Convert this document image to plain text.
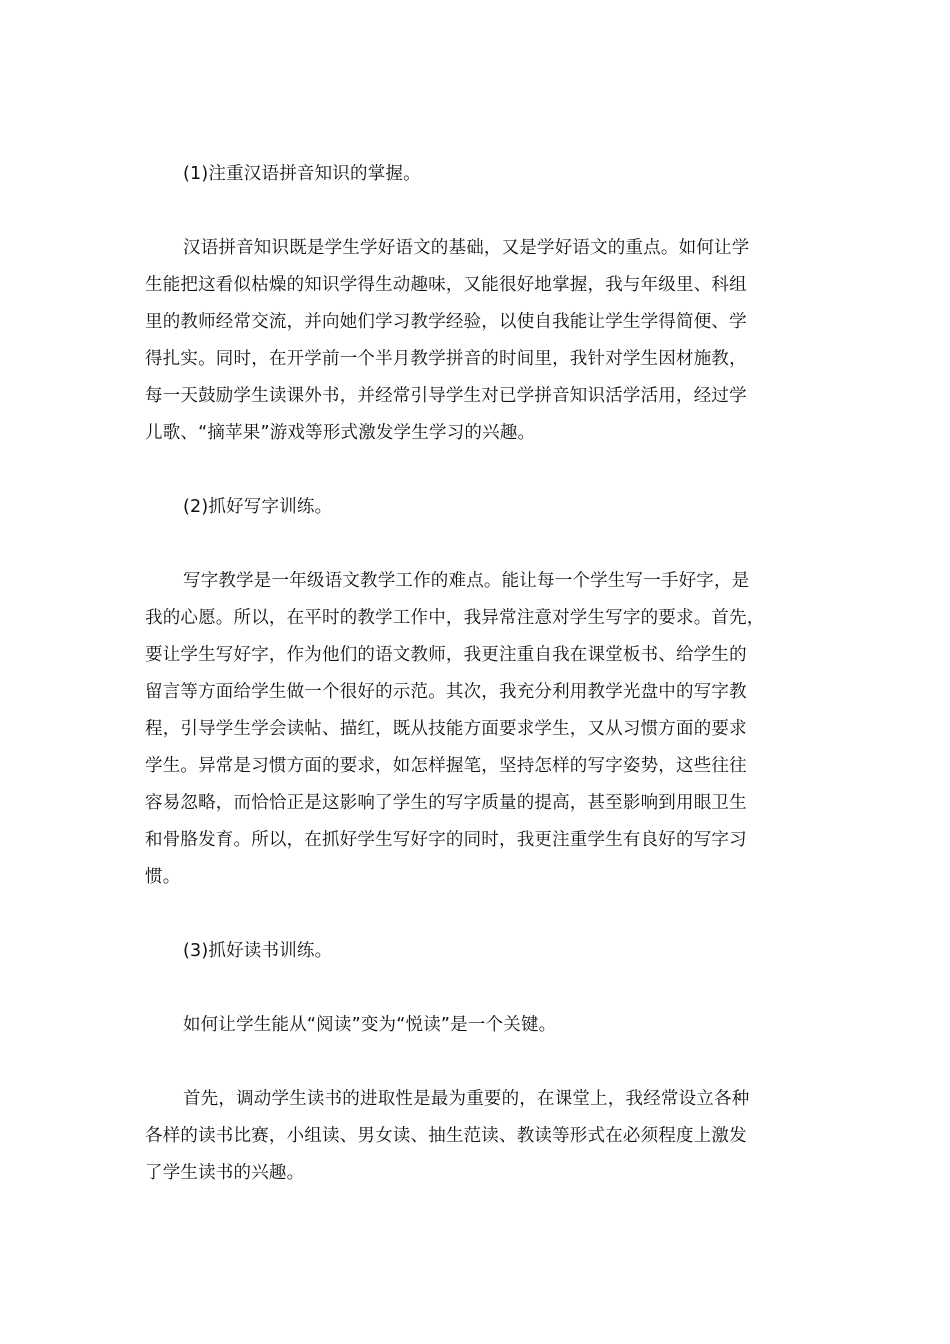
(1)注重汉语拼音知识的掌握。
汉语拼音知识既是学生学好语文的基础，又是学好语文的重点。如何让学
生能把这看似枯燥的知识学得生动趣味，又能很好地掌握，我与年级里、科组
里的教师经常交流，并向她们学习教学经验，以使自我能让学生学得简便、学
得扎实。同时，在开学前一个半月教学拼音的时间里，我针对学生因材施教，
每一天鼓励学生读课外书，并经常引导学生对已学拼音知识活学活用，经过学
儿歌、“摘苹果”游戏等形式激发学生学习的兴趣。
(2)抓好写字训练。
写字教学是一年级语文教学工作的难点。能让每一个学生写一手好字，是
我的心愿。所以，在平时的教学工作中，我异常注意对学生写字的要求。首先，
要让学生写好字，作为他们的语文教师，我更注重自我在课堂板书、给学生的
留言等方面给学生做一个很好的示范。其次，我充分利用教学光盘中的写字教
程，引导学生学会读帖、描红，既从技能方面要求学生，又从习惯方面的要求
学生。异常是习惯方面的要求，如怎样握笔，坚持怎样的写字姿势，这些往往
容易忽略，而恰恰正是这影响了学生的写字质量的提高，甚至影响到用眼卫生
和骨胳发育。所以，在抓好学生写好字的同时，我更注重学生有良好的写字习
惯。
(3)抓好读书训练。
如何让学生能从“阅读”变为“悦读”是一个关键。
首先，调动学生读书的进取性是最为重要的，在课堂上，我经常设立各种
各样的读书比赛，小组读、男女读、抽生范读、教读等形式在必须程度上激发
了学生读书的兴趣。
